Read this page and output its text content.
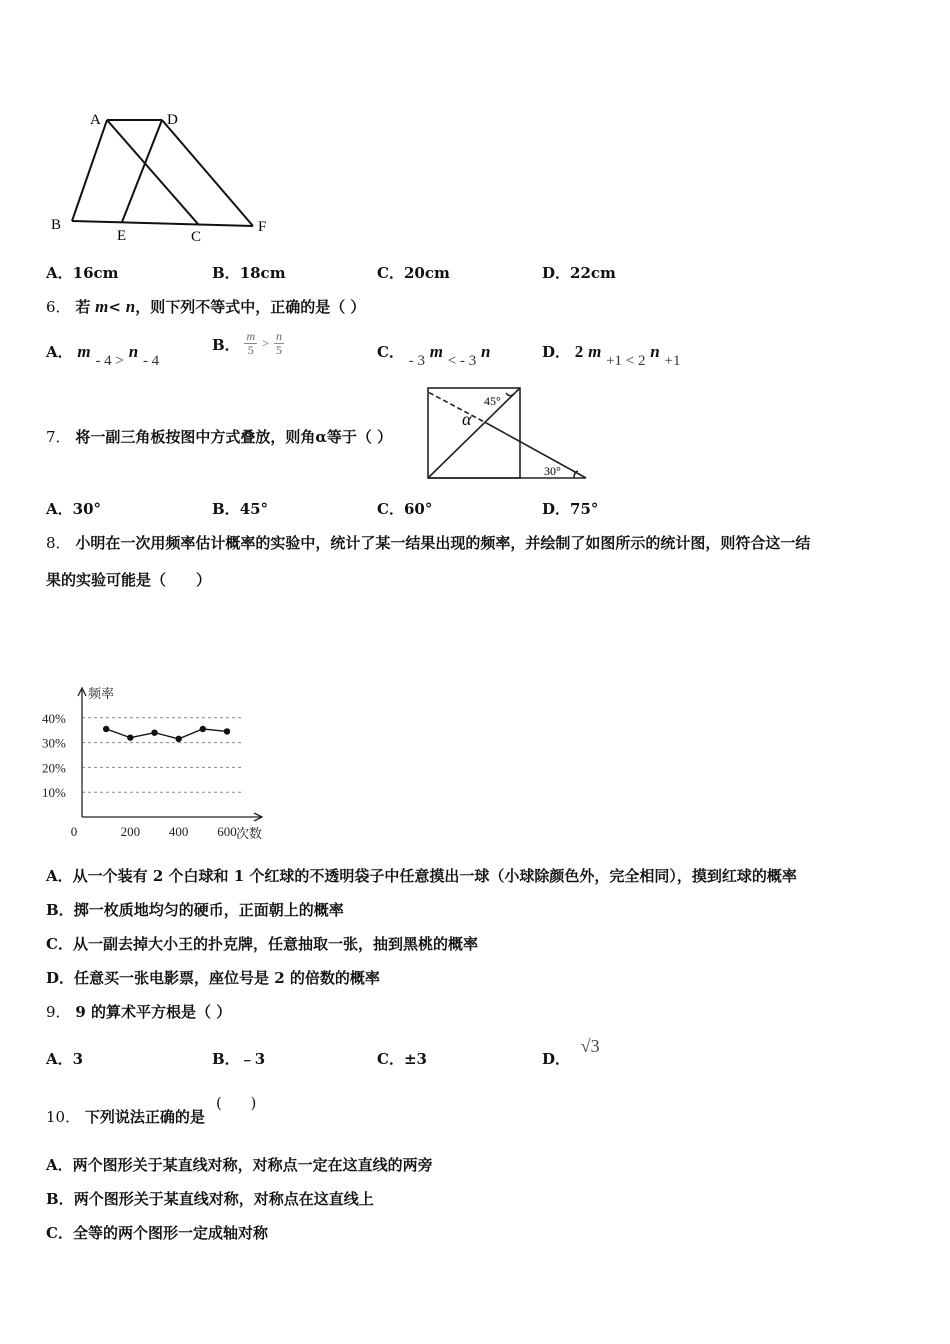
A	D
B
E	C
F
A．16cm	B．18cm	C．20cm	D．22cm
6． 若 m< n，则下列不等式中，正确的是（ ）
A． m - 4 > n - 4
B． $\frac{m}{5} > \frac{n}{5}$	C． - 3 m < - 3 n	D． 2 m +1 < 2 n +1
7． 将一副三角板按图中方式叠放，则角α等于（ ）
45°
α
30°
A．30°	B．45°	C．60°	D．75°
8． 小明在一次用频率估计概率的实验中，统计了某一结果出现的频率，并绘制了如图所示的统计图，则符合这一结
果的实验可能是（　　）
10%
20%
30%
40%
0	200 400 600
频率
次数
A．从一个装有 2 个白球和 1 个红球的不透明袋子中任意摸出一球（小球除颜色外，完全相同），摸到红球的概率
B．掷一枚质地均匀的硬币，正面朝上的概率
C．从一副去掉大小王的扑克牌，任意抽取一张，抽到黑桃的概率
D．任意买一张电影票，座位号是 2 的倍数的概率
9． 9 的算术平方根是（ ）
A．3	B．﹣3	C．±3	D． √3
10． 下列说法正确的是
(      )
A．两个图形关于某直线对称，对称点一定在这直线的两旁
B．两个图形关于某直线对称，对称点在这直线上
C．全等的两个图形一定成轴对称
